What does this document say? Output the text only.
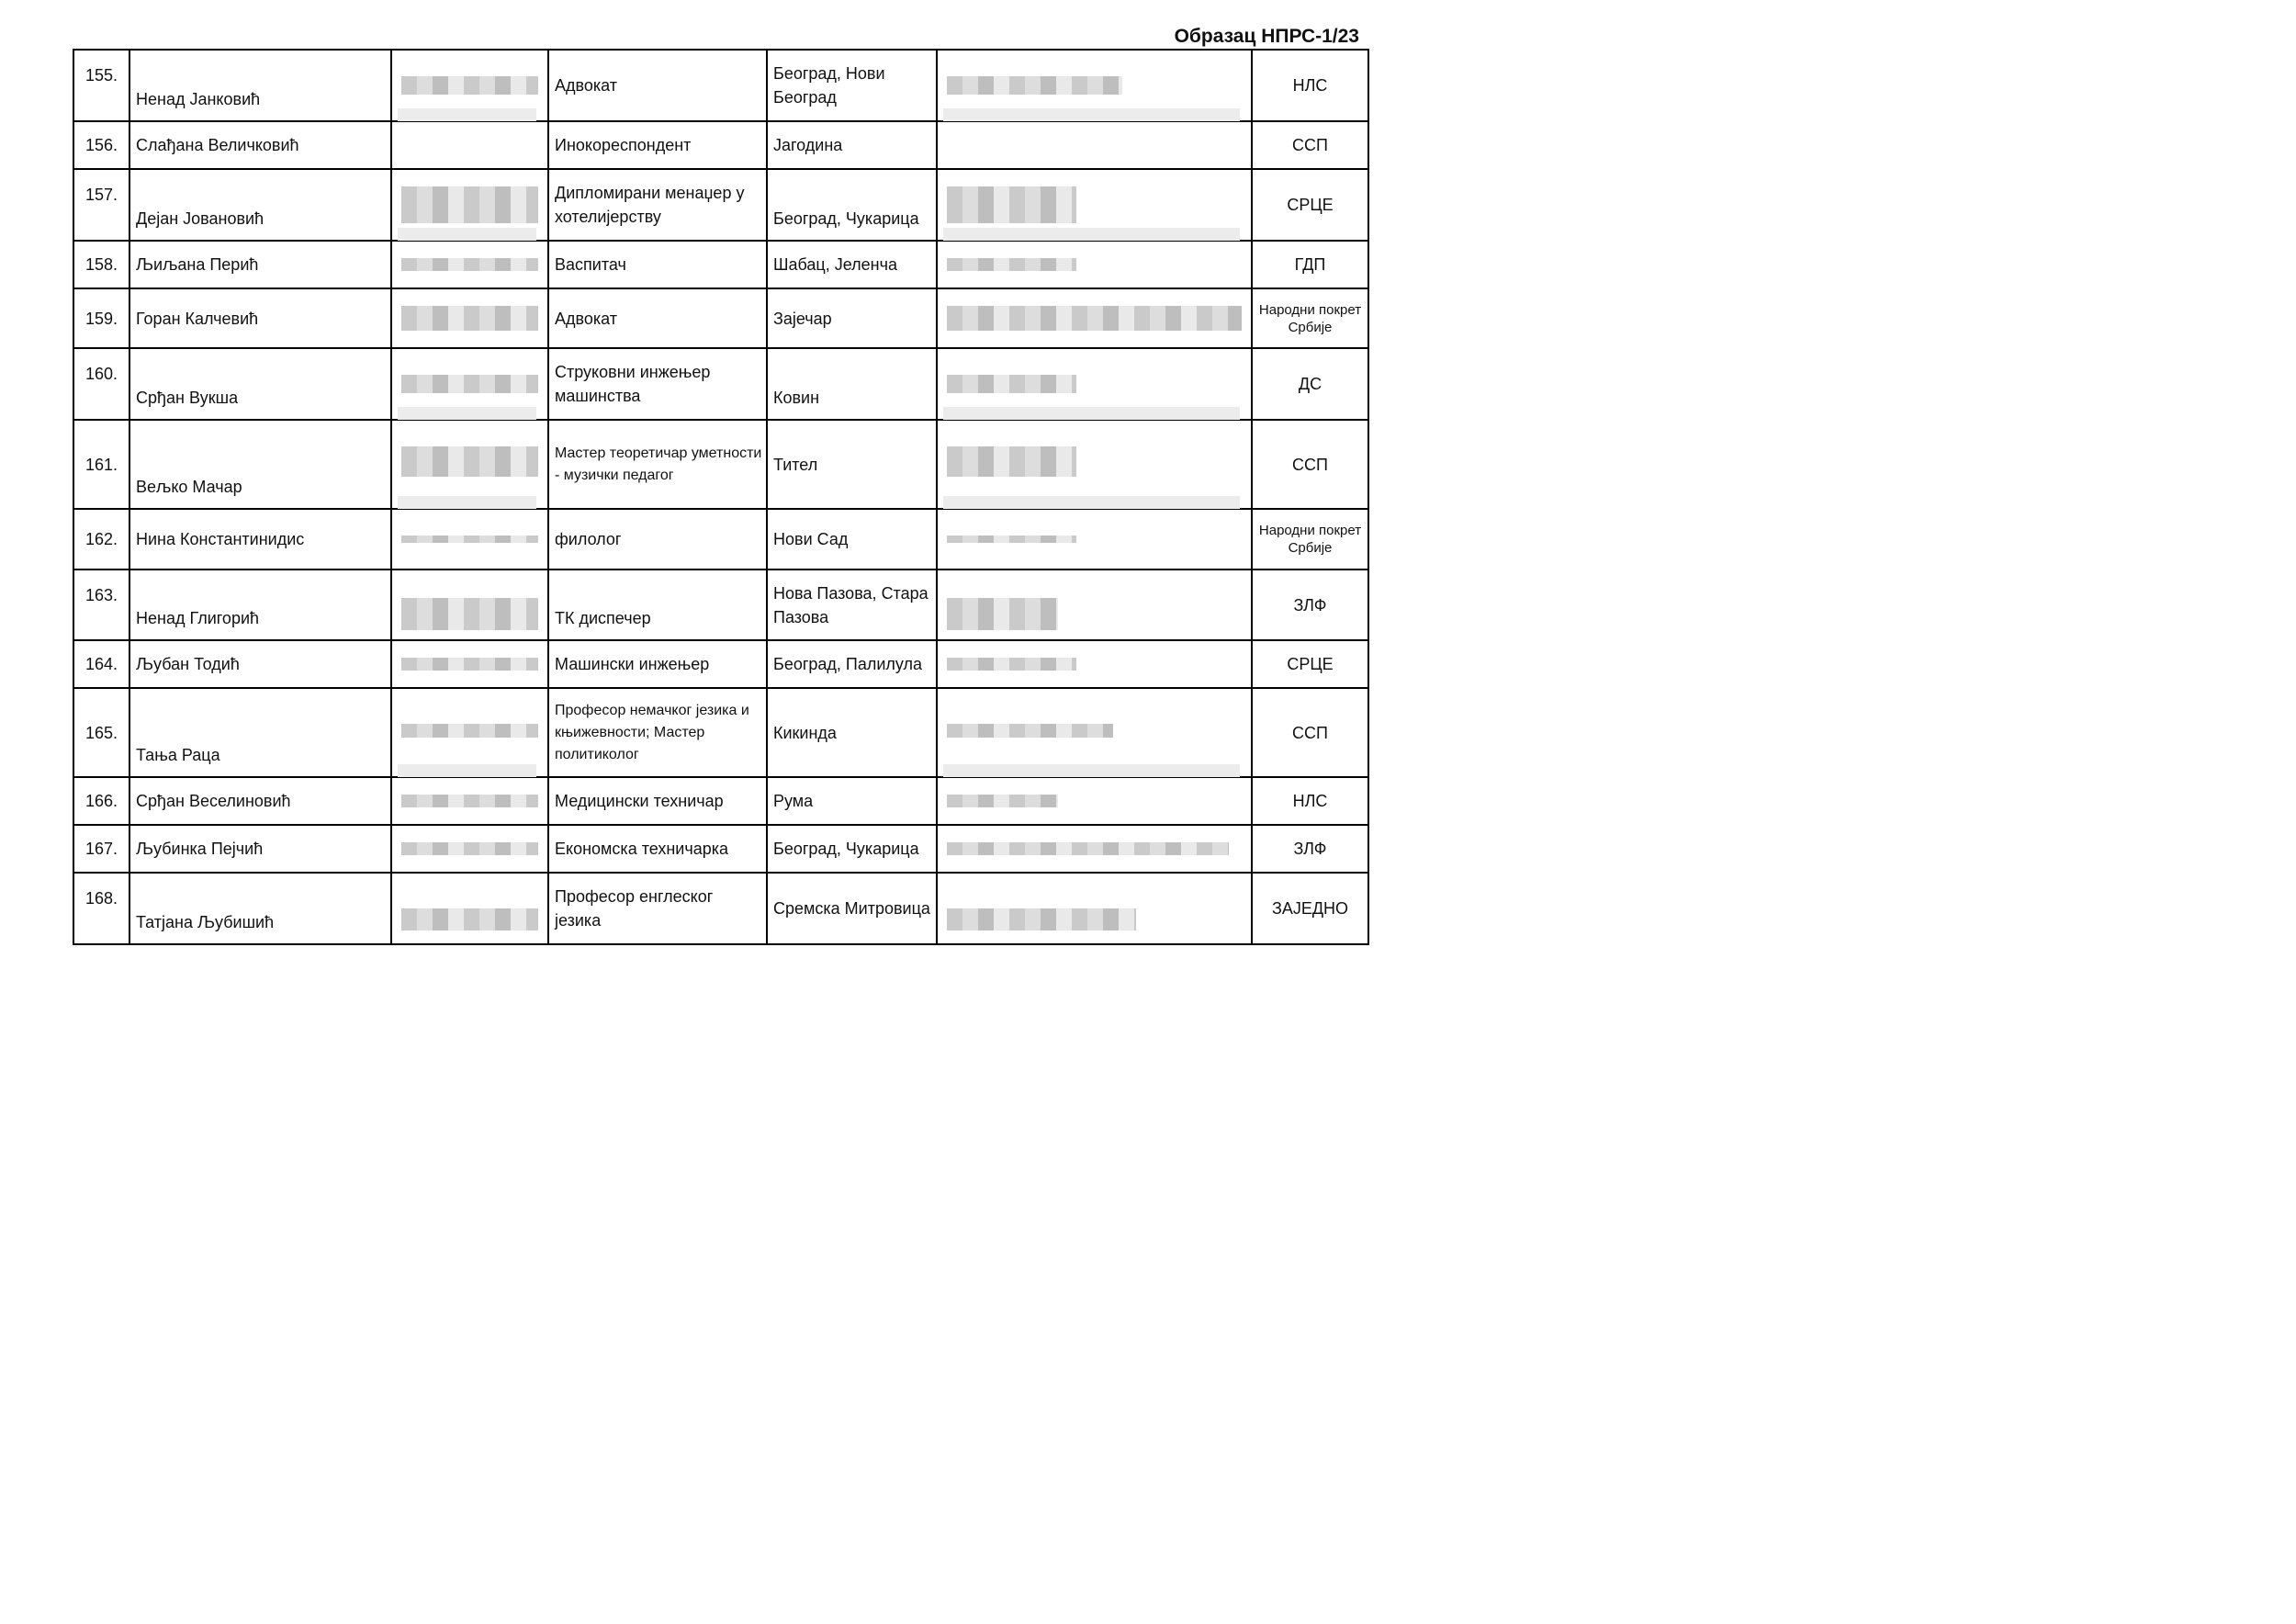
Образац НПРС-1/23
155.	Ненад Јанковић		Адвокат	Београд, Нови Београд		НЛС
156.	Слађана Величковић		Инокореспондент	Јагодина		ССП
157.	Дејан Јовановић		Дипломирани менаџер у хотелијерству	Београд, Чукарица		СРЦЕ
158.	Љиљана Перић		Васпитач	Шабац, Јеленча		ГДП
159.	Горан Калчевић		Адвокат	Зајечар		Народни покрет Србије
160.	Срђан Вукша		Струковни инжењер машинства	Ковин		ДС
161.	Вељко Мачар		Мастер теоретичар уметности - музички педагог	Тител		ССП
162.	Нина Константинидис		филолог	Нови Сад		Народни покрет Србије
163.	Ненад Глигорић		ТК диспечер	Нова Пазова, Стара Пазова		ЗЛФ
164.	Љубан Тодић		Машински инжењер	Београд, Палилула		СРЦЕ
165.	Тања Раца		Професор немачког језика и књижевности; Мастер политиколог	Кикинда		ССП
166.	Срђан Веселиновић		Медицински техничар	Рума		НЛС
167.	Љубинка Пејчић		Економска техничарка	Београд, Чукарица		ЗЛФ
168.	Татјана Љубишић		Професор енглеског језика	Сремска Митровица		ЗАЈЕДНО
